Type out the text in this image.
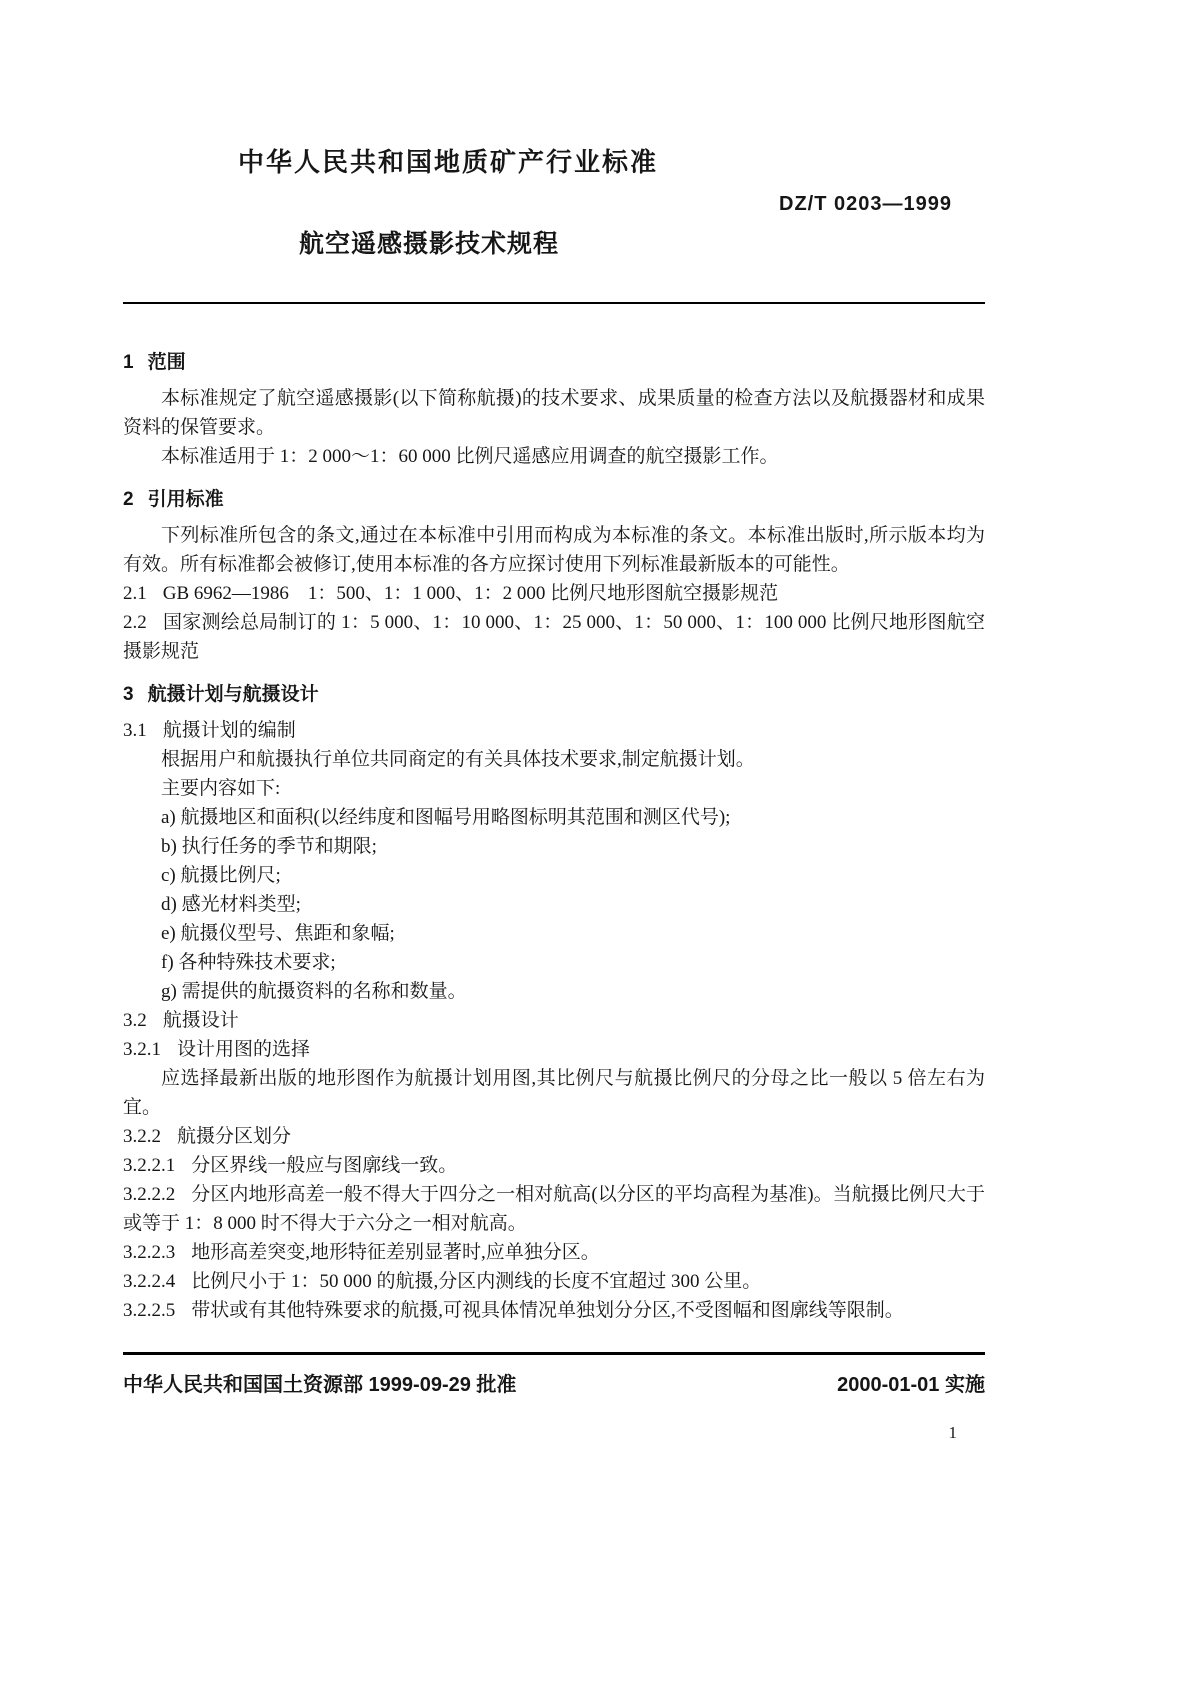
中华人民共和国地质矿产行业标准
DZ/T 0203—1999
航空遥感摄影技术规程
1 范围
本标准规定了航空遥感摄影(以下简称航摄)的技术要求、成果质量的检查方法以及航摄器材和成果资料的保管要求。
本标准适用于 1：2 000～1：60 000 比例尺遥感应用调查的航空摄影工作。
2 引用标准
下列标准所包含的条文,通过在本标准中引用而构成为本标准的条文。本标准出版时,所示版本均为有效。所有标准都会被修订,使用本标准的各方应探讨使用下列标准最新版本的可能性。
2.1 GB 6962—1986　1：500、1：1 000、1：2 000 比例尺地形图航空摄影规范
2.2 国家测绘总局制订的 1：5 000、1：10 000、1：25 000、1：50 000、1：100 000 比例尺地形图航空摄影规范
3 航摄计划与航摄设计
3.1 航摄计划的编制
根据用户和航摄执行单位共同商定的有关具体技术要求,制定航摄计划。
主要内容如下:
a) 航摄地区和面积(以经纬度和图幅号用略图标明其范围和测区代号);
b) 执行任务的季节和期限;
c) 航摄比例尺;
d) 感光材料类型;
e) 航摄仪型号、焦距和象幅;
f) 各种特殊技术要求;
g) 需提供的航摄资料的名称和数量。
3.2 航摄设计
3.2.1 设计用图的选择
应选择最新出版的地形图作为航摄计划用图,其比例尺与航摄比例尺的分母之比一般以 5 倍左右为宜。
3.2.2 航摄分区划分
3.2.2.1 分区界线一般应与图廓线一致。
3.2.2.2 分区内地形高差一般不得大于四分之一相对航高(以分区的平均高程为基准)。当航摄比例尺大于或等于 1：8 000 时不得大于六分之一相对航高。
3.2.2.3 地形高差突变,地形特征差别显著时,应单独分区。
3.2.2.4 比例尺小于 1：50 000 的航摄,分区内测线的长度不宜超过 300 公里。
3.2.2.5 带状或有其他特殊要求的航摄,可视具体情况单独划分分区,不受图幅和图廓线等限制。
中华人民共和国国土资源部 1999-09-29 批准	2000-01-01 实施
1
